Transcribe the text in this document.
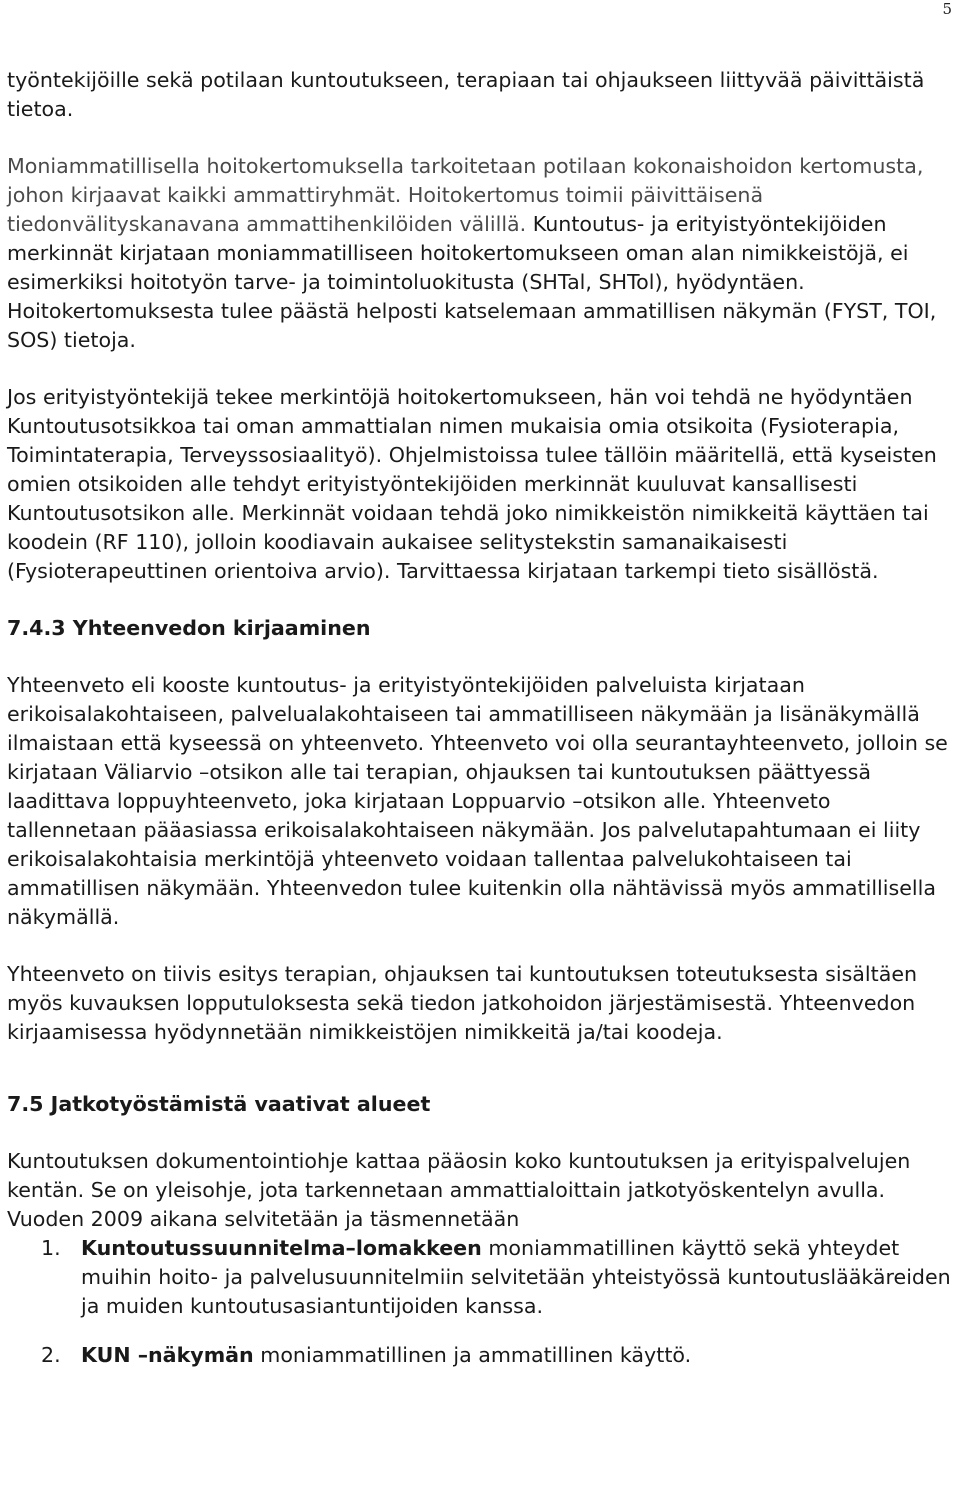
5

työntekijöille sekä potilaan kuntoutukseen, terapiaan tai ohjaukseen liittyvää päivittäistä tietoa.

Moniammatillisella hoitokertomuksella tarkoitetaan potilaan kokonaishoidon kertomusta, johon kirjaavat kaikki ammattiryhmät. Hoitokertomus toimii päivittäisenä tiedonvälityskanavana ammattihenkilöiden välillä. Kuntoutus- ja erityistyöntekijöiden merkinnät kirjataan moniammatilliseen hoitokertomukseen oman alan nimikkeistöjä, ei esimerkiksi hoitotyön tarve- ja toimintoluokitusta (SHTal, SHTol), hyödyntäen. Hoitokertomuksesta tulee päästä helposti katselemaan ammatillisen näkymän (FYST, TOI, SOS) tietoja.

Jos erityistyöntekijä tekee merkintöjä hoitokertomukseen, hän voi tehdä ne hyödyntäen Kuntoutusotsikkoa tai oman ammattialan nimen mukaisia omia otsikoita (Fysioterapia, Toimintaterapia, Terveyssosiaalityö). Ohjelmistoissa tulee tällöin määritellä, että kyseisten omien otsikoiden alle tehdyt erityistyöntekijöiden merkinnät kuuluvat kansallisesti Kuntoutusotsikon alle. Merkinnät voidaan tehdä joko nimikkeistön nimikkeitä käyttäen tai koodein (RF 110), jolloin koodiavain aukaisee selitystekstin samanaikaisesti (Fysioterapeuttinen orientoiva arvio). Tarvittaessa kirjataan tarkempi tieto sisällöstä.

7.4.3 Yhteenvedon kirjaaminen

Yhteenveto eli kooste kuntoutus- ja erityistyöntekijöiden palveluista kirjataan erikoisalakohtaiseen, palvelualakohtaiseen tai ammatilliseen näkymään ja lisänäkymällä ilmaistaan että kyseessä on yhteenveto. Yhteenveto voi olla seurantayhteenveto, jolloin se kirjataan Väliarvio –otsikon alle tai terapian, ohjauksen tai kuntoutuksen päättyessä laadittava loppuyhteenveto, joka kirjataan Loppuarvio –otsikon alle. Yhteenveto tallennetaan pääasiassa erikoisalakohtaiseen näkymään. Jos palvelutapahtumaan ei liity erikoisalakohtaisia merkintöjä yhteenveto voidaan tallentaa palvelukohtaiseen tai ammatillisen näkymään. Yhteenvedon tulee kuitenkin olla nähtävissä myös ammatillisella näkymällä.

Yhteenveto on tiivis esitys terapian, ohjauksen tai kuntoutuksen toteutuksesta sisältäen myös kuvauksen lopputuloksesta sekä tiedon jatkohoidon järjestämisestä. Yhteenvedon kirjaamisessa hyödynnetään nimikkeistöjen nimikkeitä ja/tai koodeja.

7.5 Jatkotyöstämistä vaativat alueet

Kuntoutuksen dokumentointiohje kattaa pääosin koko kuntoutuksen ja erityispalvelujen kentän. Se on yleisohje, jota tarkennetaan ammattialoittain jatkotyöskentelyn avulla. Vuoden 2009 aikana selvitetään ja täsmennetään

1. Kuntoutussuunnitelma–lomakkeen moniammatillinen käyttö sekä yhteydet muihin hoito- ja palvelusuunnitelmiin selvitetään yhteistyössä kuntoutuslääkäreiden ja muiden kuntoutusasiantuntijoiden kanssa.
2. KUN –näkymän moniammatillinen ja ammatillinen käyttö.
